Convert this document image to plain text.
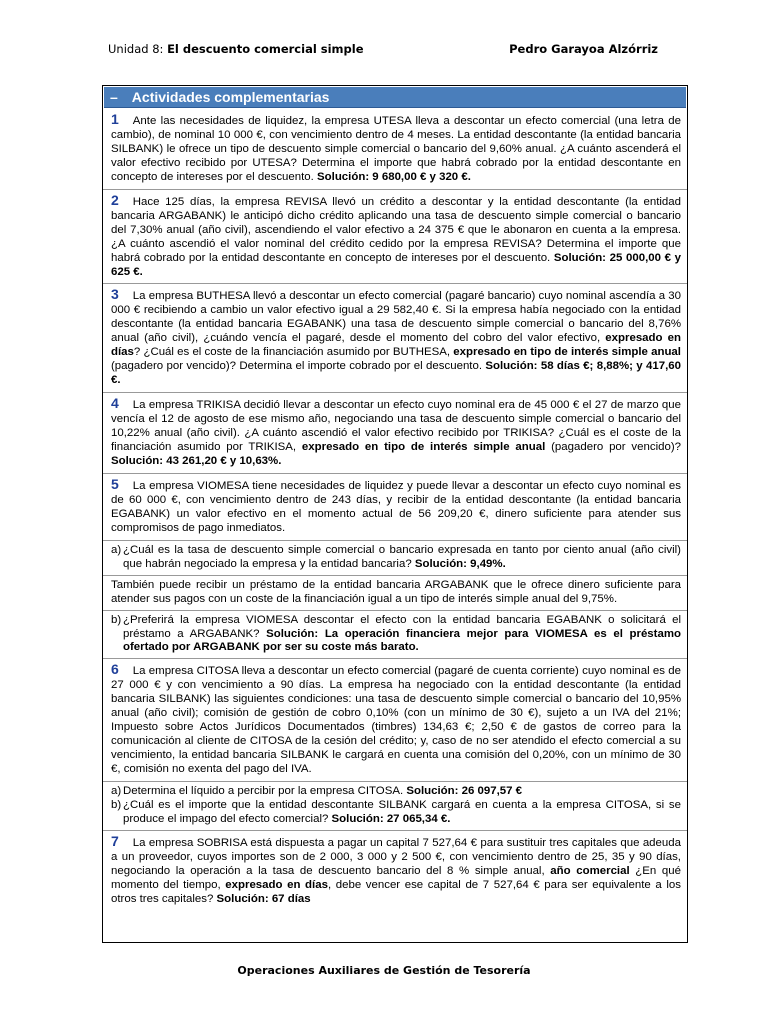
Unidad 8: El descuento comercial simple	Pedro Garayoa Alzórriz
– Actividades complementarias
1 Ante las necesidades de liquidez, la empresa UTESA lleva a descontar un efecto comercial (una letra de cambio), de nominal 10 000 €, con vencimiento dentro de 4 meses. La entidad descontante (la entidad bancaria SILBANK) le ofrece un tipo de descuento simple comercial o bancario del 9,60% anual. ¿A cuánto ascenderá el valor efectivo recibido por UTESA? Determina el importe que habrá cobrado por la entidad descontante en concepto de intereses por el descuento. Solución: 9 680,00 € y 320 €.
2 Hace 125 días, la empresa REVISA llevó un crédito a descontar y la entidad descontante (la entidad bancaria ARGABANK) le anticipó dicho crédito aplicando una tasa de descuento simple comercial o bancario del 7,30% anual (año civil), ascendiendo el valor efectivo a 24 375 € que le abonaron en cuenta a la empresa. ¿A cuánto ascendió el valor nominal del crédito cedido por la empresa REVISA? Determina el importe que habrá cobrado por la entidad descontante en concepto de intereses por el descuento. Solución: 25 000,00 € y 625 €.
3 La empresa BUTHESA llevó a descontar un efecto comercial (pagaré bancario) cuyo nominal ascendía a 30 000 € recibiendo a cambio un valor efectivo igual a 29 582,40 €. Si la empresa había negociado con la entidad descontante (la entidad bancaria EGABANK) una tasa de descuento simple comercial o bancario del 8,76% anual (año civil), ¿cuándo vencía el pagaré, desde el momento del cobro del valor efectivo, expresado en días? ¿Cuál es el coste de la financiación asumido por BUTHESA, expresado en tipo de interés simple anual (pagadero por vencido)? Determina el importe cobrado por el descuento. Solución: 58 días €; 8,88%; y 417,60 €.
4 La empresa TRIKISA decidió llevar a descontar un efecto cuyo nominal era de 45 000 € el 27 de marzo que vencía el 12 de agosto de ese mismo año, negociando una tasa de descuento simple comercial o bancario del 10,22% anual (año civil). ¿A cuánto ascendió el valor efectivo recibido por TRIKISA? ¿Cuál es el coste de la financiación asumido por TRIKISA, expresado en tipo de interés simple anual (pagadero por vencido)? Solución: 43 261,20 € y 10,63%.
5 La empresa VIOMESA tiene necesidades de liquidez y puede llevar a descontar un efecto cuyo nominal es de 60 000 €, con vencimiento dentro de 243 días, y recibir de la entidad descontante (la entidad bancaria EGABANK) un valor efectivo en el momento actual de 56 209,20 €, dinero suficiente para atender sus compromisos de pago inmediatos.
a) ¿Cuál es la tasa de descuento simple comercial o bancario expresada en tanto por ciento anual (año civil) que habrán negociado la empresa y la entidad bancaria? Solución: 9,49%.
También puede recibir un préstamo de la entidad bancaria ARGABANK que le ofrece dinero suficiente para atender sus pagos con un coste de la financiación igual a un tipo de interés simple anual del 9,75%.
b) ¿Preferirá la empresa VIOMESA descontar el efecto con la entidad bancaria EGABANK o solicitará el préstamo a ARGABANK? Solución: La operación financiera mejor para VIOMESA es el préstamo ofertado por ARGABANK por ser su coste más barato.
6 La empresa CITOSA lleva a descontar un efecto comercial (pagaré de cuenta corriente) cuyo nominal es de 27 000 € y con vencimiento a 90 días. La empresa ha negociado con la entidad descontante (la entidad bancaria SILBANK) las siguientes condiciones: una tasa de descuento simple comercial o bancario del 10,95% anual (año civil); comisión de gestión de cobro 0,10% (con un mínimo de 30 €), sujeto a un IVA del 21%; Impuesto sobre Actos Jurídicos Documentados (timbres) 134,63 €; 2,50 € de gastos de correo para la comunicación al cliente de CITOSA de la cesión del crédito; y, caso de no ser atendido el efecto comercial a su vencimiento, la entidad bancaria SILBANK le cargará en cuenta una comisión del 0,20%, con un mínimo de 30 €, comisión no exenta del pago del IVA.
a) Determina el líquido a percibir por la empresa CITOSA. Solución: 26 097,57 €
b) ¿Cuál es el importe que la entidad descontante SILBANK cargará en cuenta a la empresa CITOSA, si se produce el impago del efecto comercial? Solución: 27 065,34 €.
7 La empresa SOBRISA está dispuesta a pagar un capital 7 527,64 € para sustituir tres capitales que adeuda a un proveedor, cuyos importes son de 2 000, 3 000 y 2 500 €, con vencimiento dentro de 25, 35 y 90 días, negociando la operación a la tasa de descuento bancario del 8 % simple anual, año comercial ¿En qué momento del tiempo, expresado en días, debe vencer ese capital de 7 527,64 € para ser equivalente a los otros tres capitales? Solución: 67 días
Operaciones Auxiliares de Gestión de Tesorería
